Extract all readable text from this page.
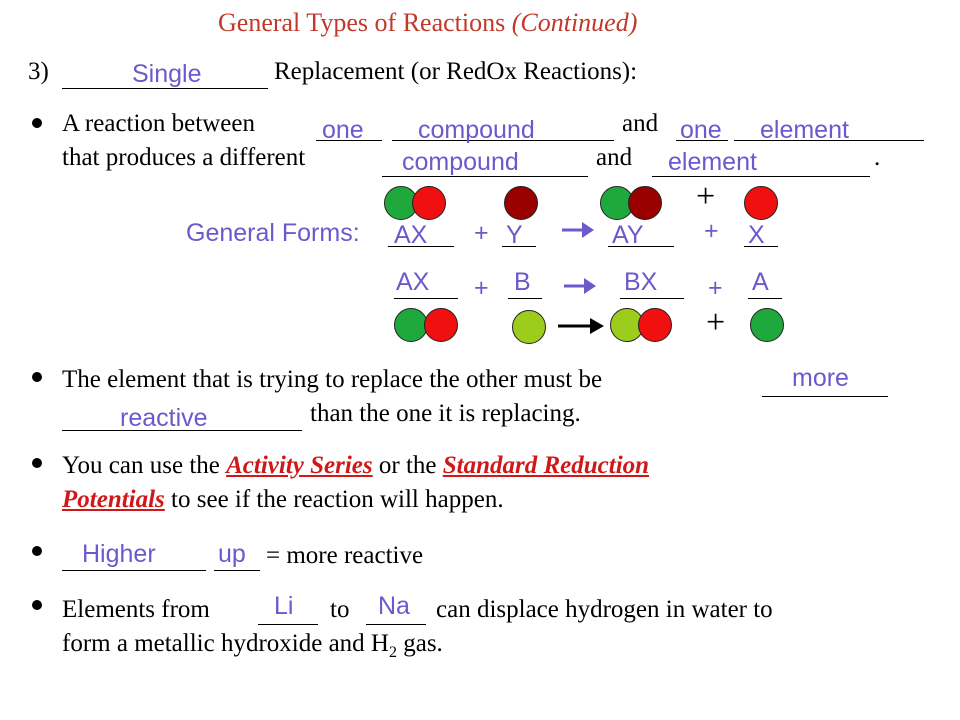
General Types of Reactions (Continued)
3)	Single	Replacement (or RedOx Reactions):
A reaction between	one compound	and one element
that produces a different	compound	and element	.
+
General Forms: AX + Y	AY + X
AX + B	BX + A
+
The element that is trying to replace the other must be	more
reactive	than the one it is replacing.
You can use the Activity Series or the Standard Reduction
Potentials to see if the reaction will happen.
Higher up = more reactive
Elements from	Li to Na can displace hydrogen in water to
form a metallic hydroxide and $H_2$ gas.
